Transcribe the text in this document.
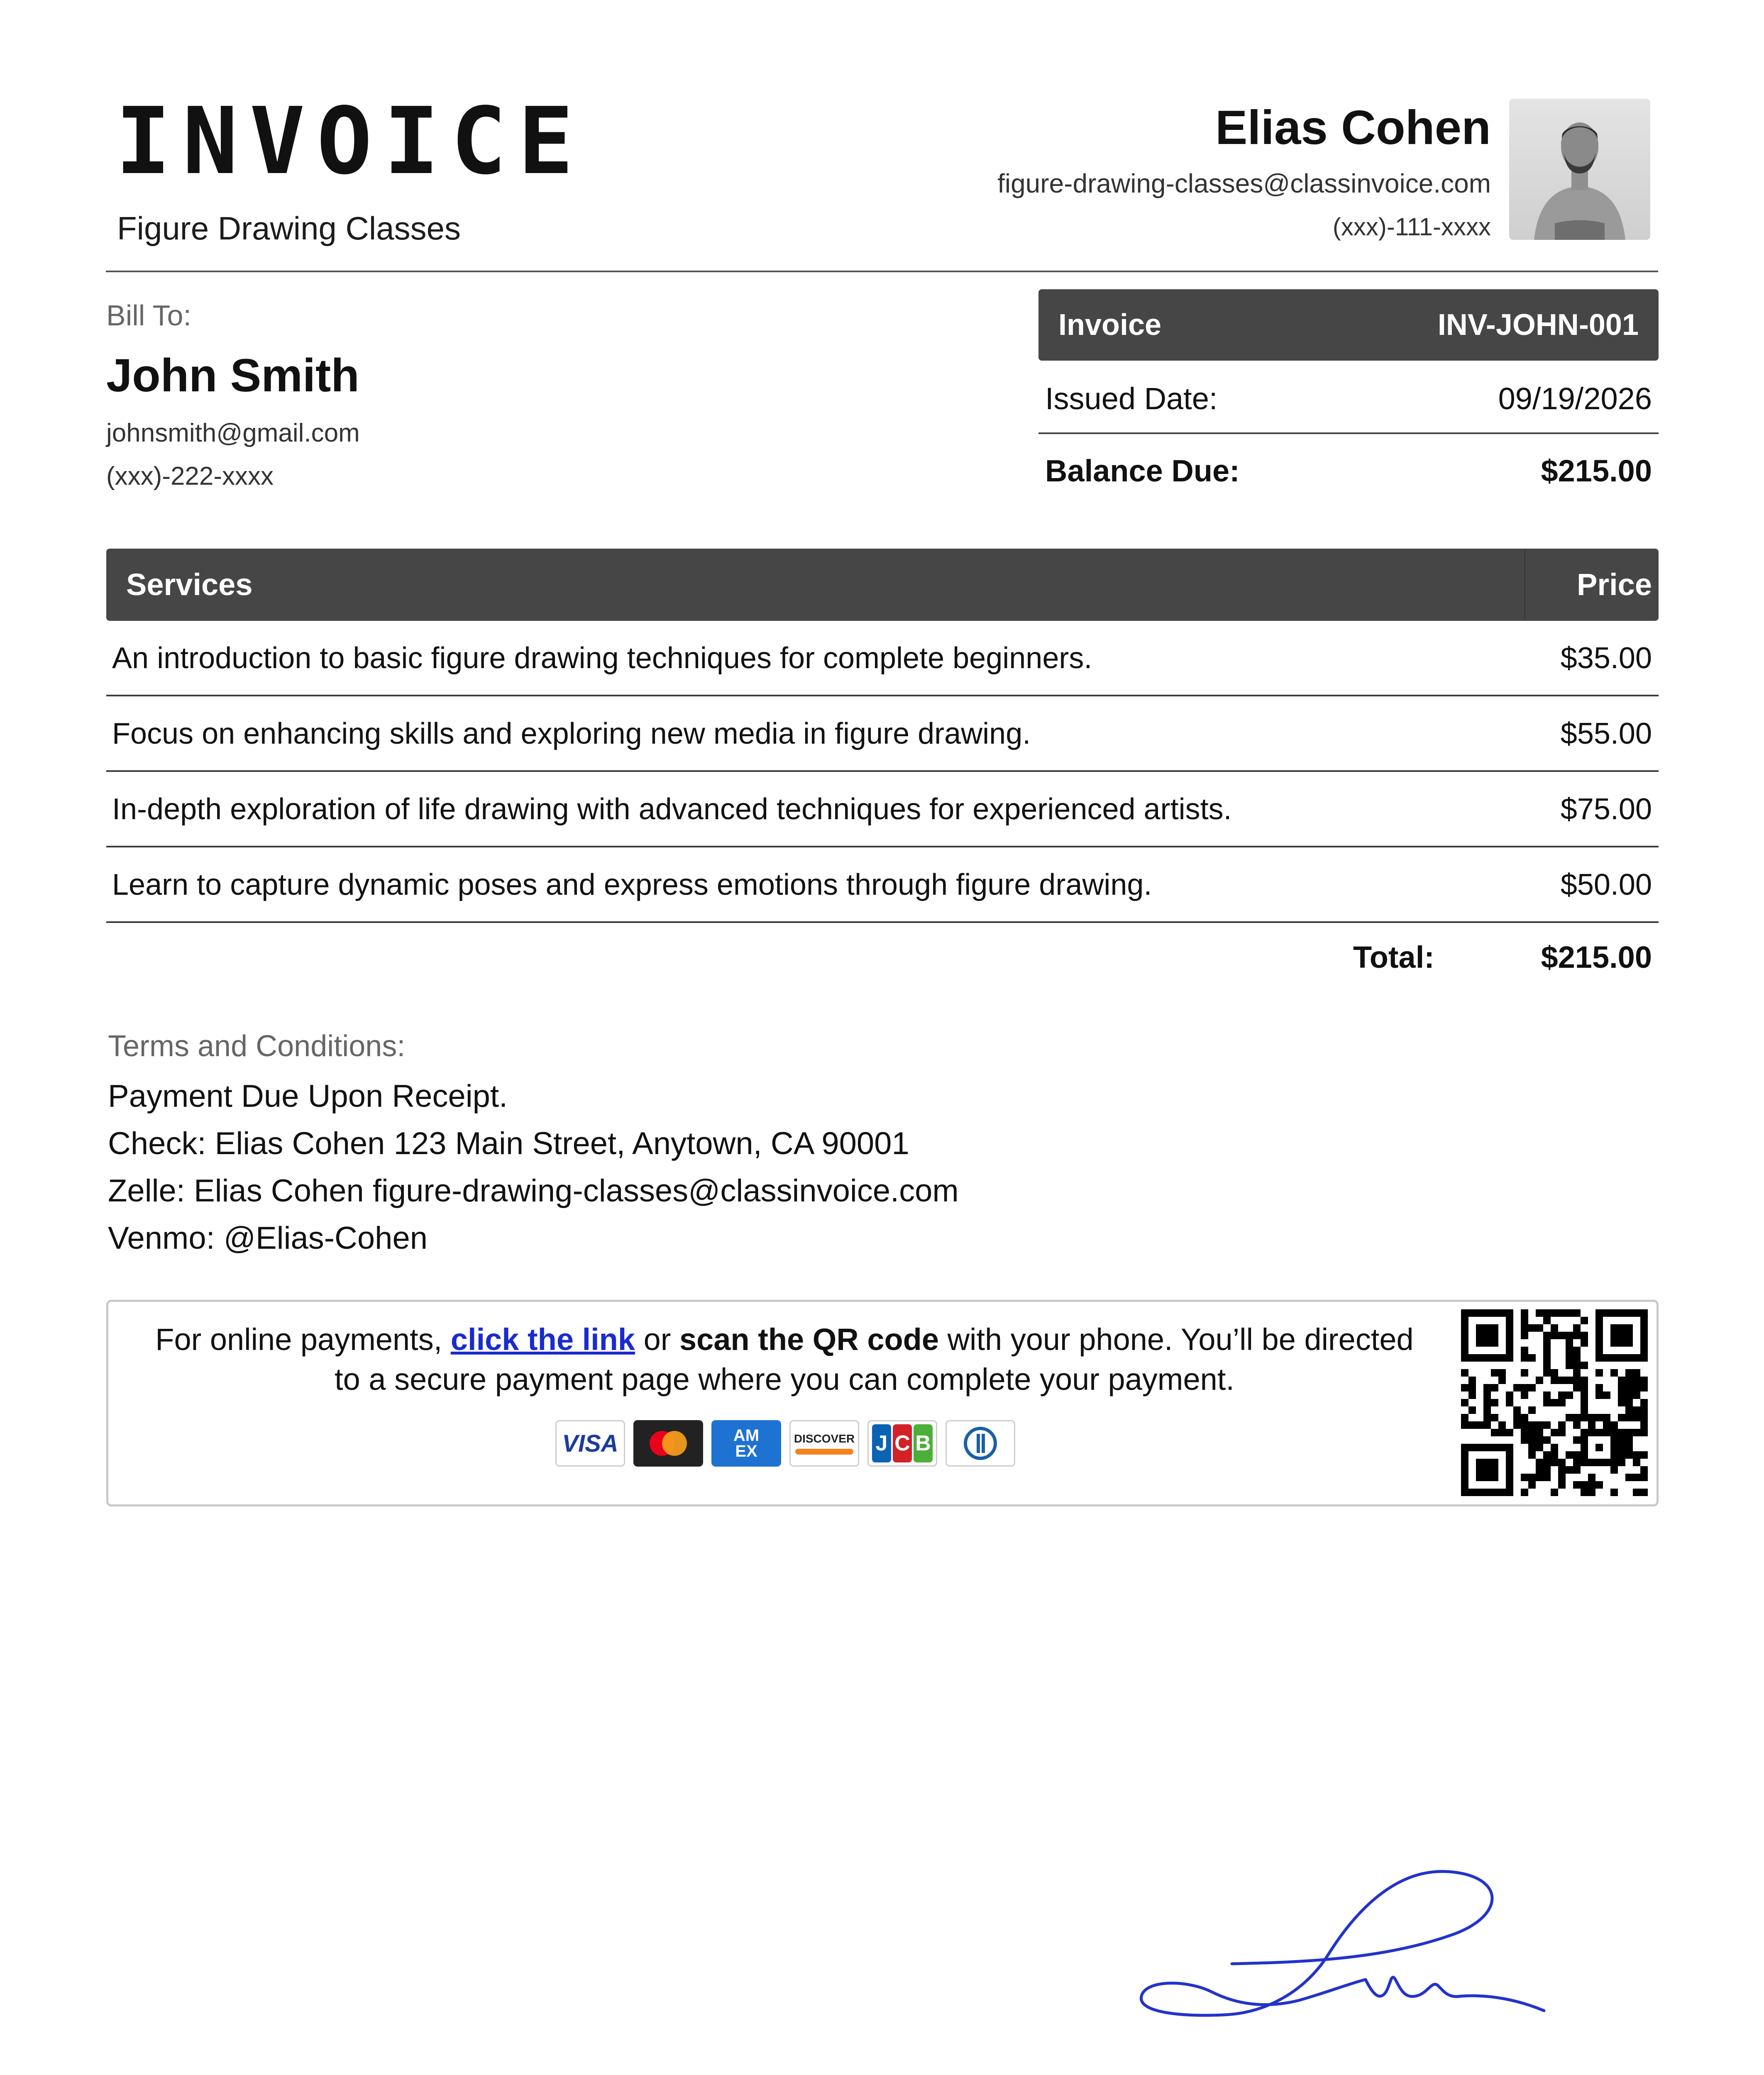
INVOICE
Figure Drawing Classes
Elias Cohen
figure-drawing-classes@classinvoice.com
(xxx)-111-xxxx
Bill To:
John Smith
johnsmith@gmail.com
(xxx)-222-xxxx
Invoice	INV-JOHN-001
Issued Date:	09/19/2026
Balance Due:	$215.00
Services	Price
An introduction to basic figure drawing techniques for complete beginners.	$35.00
Focus on enhancing skills and exploring new media in figure drawing.	$55.00
In-depth exploration of life drawing with advanced techniques for experienced artists.	$75.00
Learn to capture dynamic poses and express emotions through figure drawing.	$50.00
Total:	$215.00
Terms and Conditions:
Payment Due Upon Receipt.
Check: Elias Cohen 123 Main Street, Anytown, CA 90001
Zelle: Elias Cohen figure-drawing-classes@classinvoice.com
Venmo: @Elias-Cohen
For online payments, click the link or scan the QR code with your phone. You’ll be directed
to a secure payment page where you can complete your payment.
VISA	AM EX
DISCOVER J C B
